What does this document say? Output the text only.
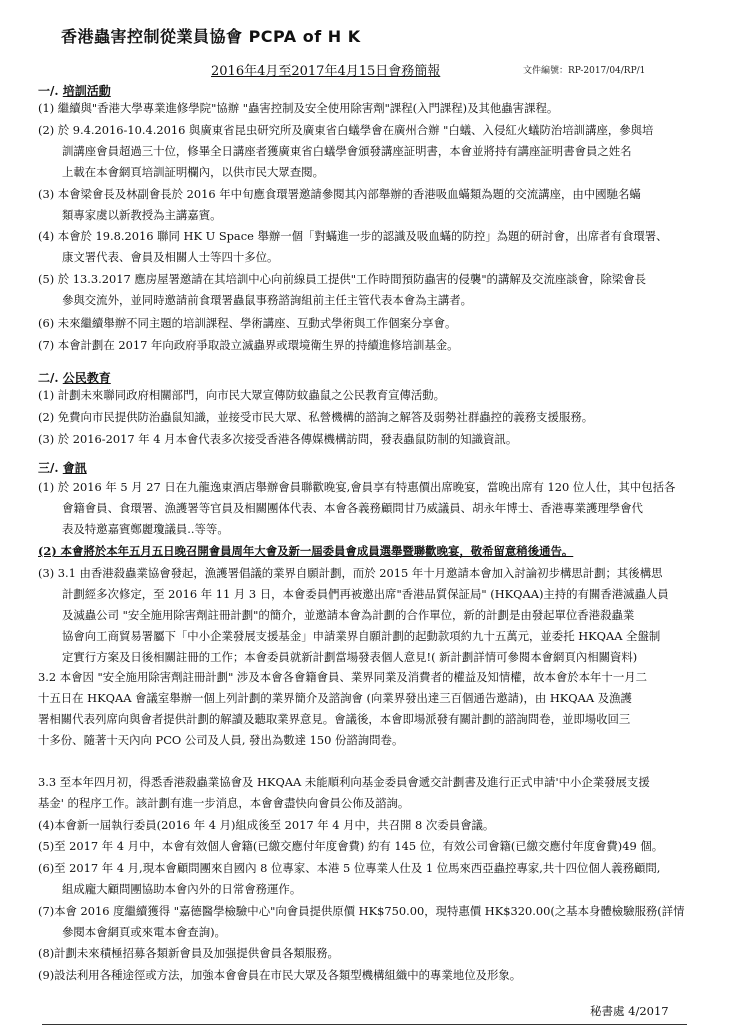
香港蟲害控制從業員協會 PCPA of H K
2016年4月至2017年4月15日會務簡報	文件編號：RP-2017/04/RP/1
一/. 培訓活動
(1) 繼續與"香港大學專業進修學院"協辦 "蟲害控制及安全使用除害劑"課程(入門課程)及其他蟲害課程。
(2) 於 9.4.2016-10.4.2016 與廣東省昆虫研究所及廣東省白蟻學會在廣州合辦 "白蟻、入侵紅火蟻防治培訓講座，參與培
訓講座會員超過三十位，修畢全日講座者獲廣東省白蟻學會頒發講座証明書，本會並將持有講座証明書會員之姓名
上載在本會網頁培訓証明欄內，以供市民大眾查閱。
(3) 本會梁會長及林副會長於 2016 年中旬應食環署邀請參閱其內部舉辦的香港吸血蟎類為題的交流講座，由中國馳名蟎
類專家虞以新教授為主講嘉賓。
(4) 本會於 19.8.2016 聯同 HK U Space 舉辦一個「對蟎進一步的認識及吸血蟎的防控」為題的研討會，出席者有食環署、
康文署代表、會員及相關人士等四十多位。
(5) 於 13.3.2017 應房屋署邀請在其培訓中心向前線員工提供"工作時間預防蟲害的侵襲"的講解及交流座談會，除梁會長
參與交流外，並同時邀請前食環署蟲鼠事務諮詢組前主任主管代表本會為主講者。
(6) 未來繼續舉辦不同主題的培訓課程、學術講座、互動式學術與工作個案分享會。
(7) 本會計劃在 2017 年向政府爭取設立滅蟲界或環境衛生界的持續進修培訓基金。
二/. 公民教育
(1) 計劃未來聯同政府相關部門，向市民大眾宣傳防蚊蟲鼠之公民教育宣傳活動。
(2) 免費向市民提供防治蟲鼠知識，並接受市民大眾、私營機構的諮詢之解答及弱勢社群蟲控的義務支援服務。
(3) 於 2016-2017 年 4 月本會代表多次接受香港各傳媒機構訪問，發表蟲鼠防制的知識資訊。
三/. 會訊
(1) 於 2016 年 5 月 27 日在九龍逸東酒店舉辦會員聯歡晚宴,會員享有特惠價出席晚宴，當晚出席有 120 位人仕，其中包括各
會籍會員、食環署、漁護署等官員及相關團体代表、本會各義務顧問甘乃威議員、胡永年博士、香港專業護理學會代
表及特邀嘉賓鄭麗瓊議員..等等。
(2) 本會將於本年五月五日晚召開會員周年大會及新一屆委員會成員選舉暨聯歡晚宴，敬希留意稍後通告。
(3) 3.1 由香港殺蟲業協會發起，漁護署倡議的業界自願計劃，而於 2015 年十月邀請本會加入討論初步構思計劃；其後構思
計劃經多次修定，至 2016 年 11 月 3 日，本會委員們再被邀出席"香港品質保証局" (HKQAA)主持的有關香港滅蟲人員
及滅蟲公司 "安全施用除害劑註冊計劃"的簡介，並邀請本會為計劃的合作單位，新的計劃是由發起單位香港殺蟲業
協會向工商貿易署屬下「中小企業發展支援基金」申請業界自願計劃的起動款項約九十五萬元，並委托 HKQAA 全盤制
定實行方案及日後相關註冊的工作；本會委員就新計劃當場發表個人意見!( 新計劃詳情可參閱本會網頁內相關資料)
3.2 本會因 "安全施用除害劑註冊計劃" 涉及本會各會籍會員、業界同業及消費者的權益及知情權，故本會於本年十一月二
十五日在 HKQAA 會議室舉辦一個上列計劃的業界簡介及諮詢會 (向業界發出達三百個通告邀請)，由 HKQAA 及漁護
署相關代表列席向與會者提供計劃的解讀及聽取業界意見。會議後，本會即場派發有關計劃的諮詢問卷，並即場收回三
十多份、隨著十天內向 PCO 公司及人員, 發出為數達 150 份諮詢問卷。
3.3 至本年四月初，得悉香港殺蟲業協會及 HKQAA 未能順利向基金委員會遞交計劃書及進行正式申請'中小企業發展支援
基金' 的程序工作。該計劃有進一步消息，本會會盡快向會員公佈及諮詢。
(4)本會新一屆執行委員(2016 年 4 月)組成後至 2017 年 4 月中，共召開 8 次委員會議。
(5)至 2017 年 4 月中，本會有效個人會籍(已繳交應付年度會費) 約有 145 位，有效公司會籍(已繳交應付年度會費)49 個。
(6)至 2017 年 4 月,現本會顧問團來自國內 8 位專家、本港 5 位專業人仕及 1 位馬來西亞蟲控專家,共十四位個人義務顧問,
組成龐大顧問團協助本會內外的日常會務運作。
(7)本會 2016 度繼續獲得 "嘉德醫學檢驗中心"向會員提供原價 HK$750.00，現特惠價 HK$320.00(之基本身體檢驗服務(詳情
參閱本會網頁或來電本會查詢)。
(8)計劃未來積極招募各類新會員及加强提供會員各類服務。
(9)設法利用各種途徑或方法，加強本會會員在市民大眾及各類型機構組織中的專業地位及形象。
秘書處 4/2017
